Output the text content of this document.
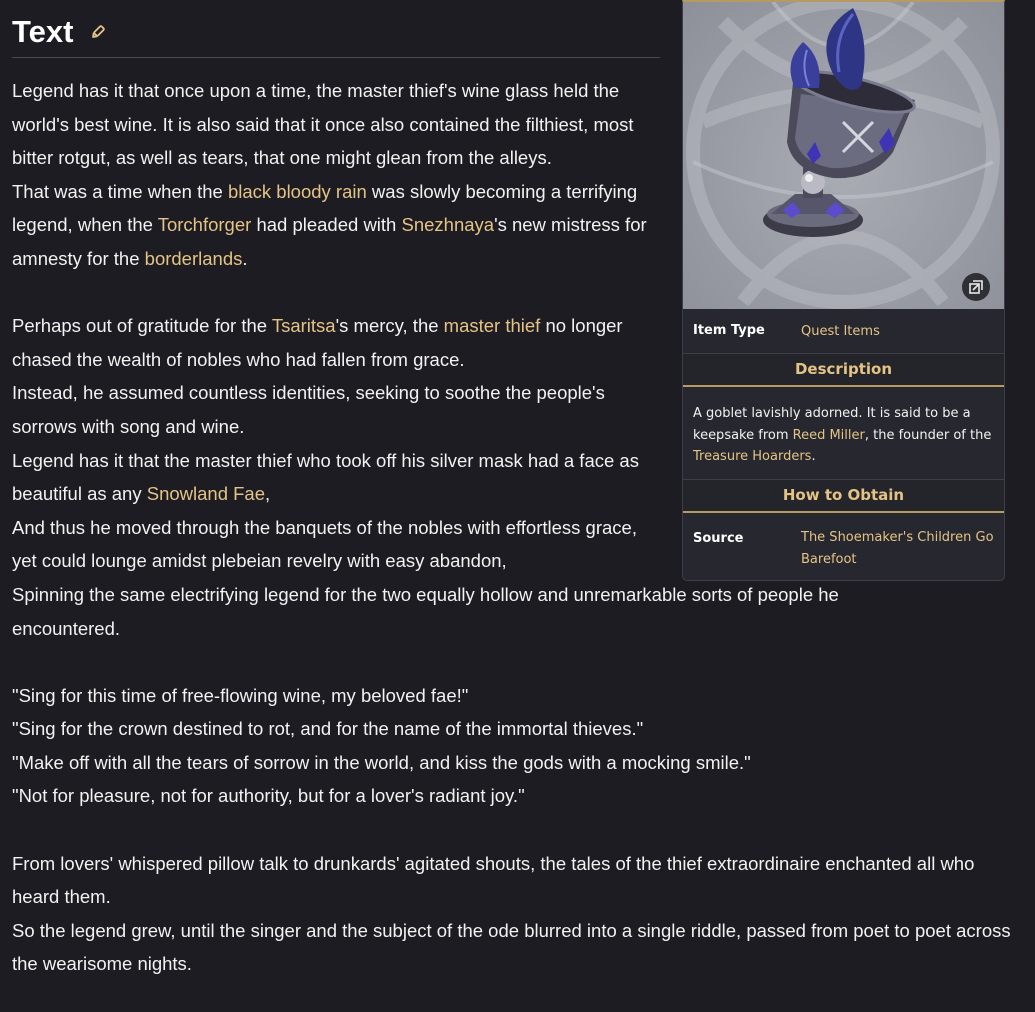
Text

Legend has it that once upon a time, the master thief's wine glass held the world's best wine. It is also said that it once also contained the filthiest, most bitter rotgut, as well as tears, that one might glean from the alleys.

That was a time when the black bloody rain was slowly becoming a terrifying legend, when the Torchforger had pleaded with Snezhnaya's new mistress for amnesty for the borderlands.

Perhaps out of gratitude for the Tsaritsa's mercy, the master thief no longer chased the wealth of nobles who had fallen from grace.

Instead, he assumed countless identities, seeking to soothe the people's sorrows with song and wine.

Legend has it that the master thief who took off his silver mask had a face as beautiful as any Snowland Fae,

And thus he moved through the banquets of the nobles with effortless grace, yet could lounge amidst plebeian revelry with easy abandon,

Spinning the same electrifying legend for the two equally hollow and unremarkable sorts of people he encountered.

"Sing for this time of free-flowing wine, my beloved fae!"

"Sing for the crown destined to rot, and for the name of the immortal thieves."

"Make off with all the tears of sorrow in the world, and kiss the gods with a mocking smile."

"Not for pleasure, not for authority, but for a lover's radiant joy."

From lovers' whispered pillow talk to drunkards' agitated shouts, the tales of the thief extraordinaire enchanted all who heard them.

So the legend grew, until the singer and the subject of the ode blurred into a single riddle, passed from poet to poet across the wearisome nights.

Item Type	Quest Items
Description
A goblet lavishly adorned. It is said to be a keepsake from Reed Miller, the founder of the Treasure Hoarders.
How to Obtain
Source	The Shoemaker's Children Go Barefoot
